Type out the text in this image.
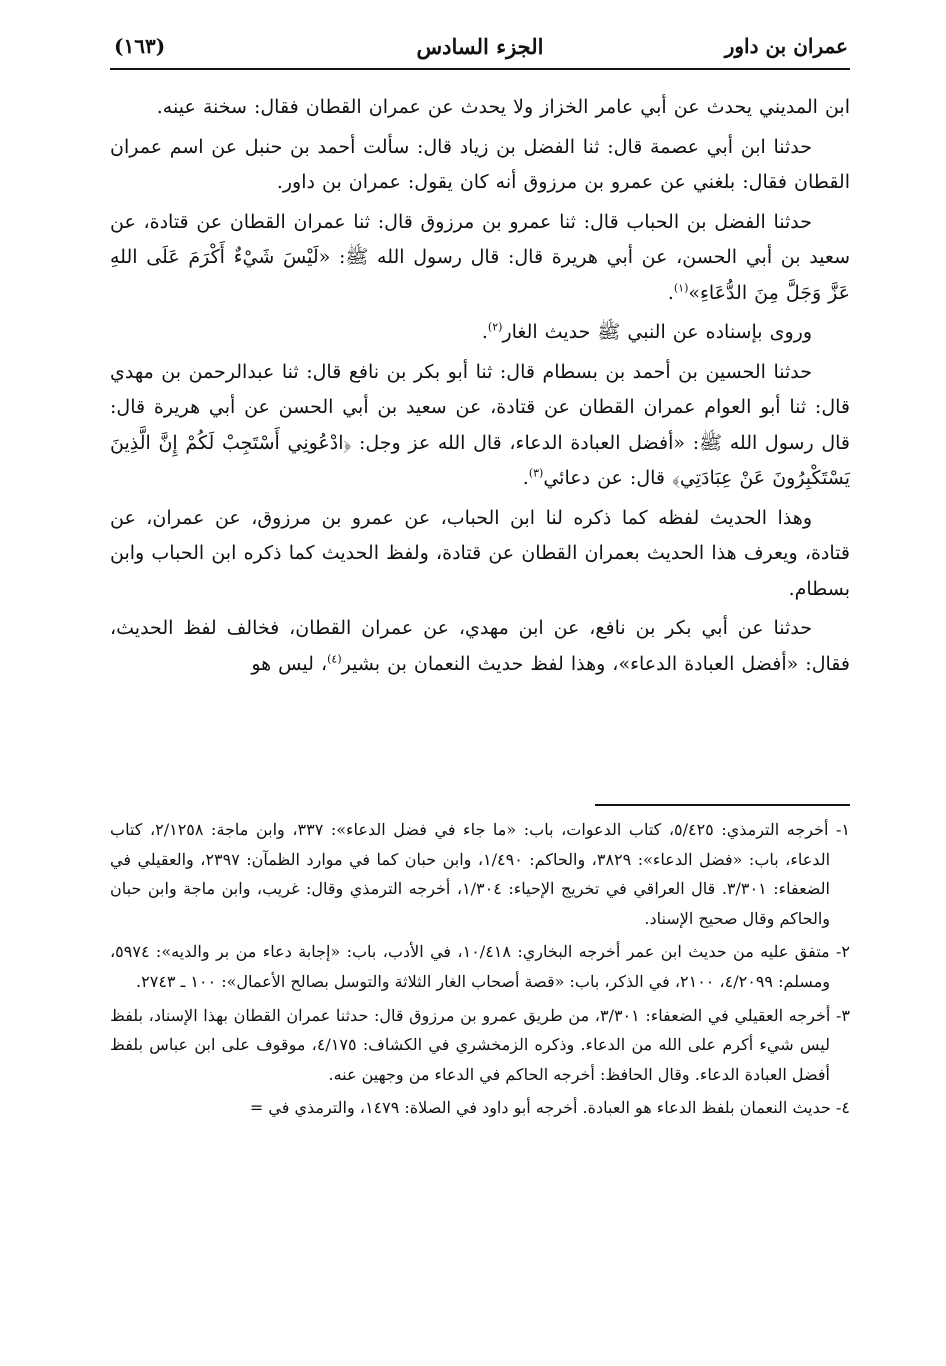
عمران بن داور
الجزء السادس
(١٦٣)

ابن المديني يحدث عن أبي عامر الخزاز ولا يحدث عن عمران القطان فقال: سخنة عينه.

حدثنا ابن أبي عصمة قال: ثنا الفضل بن زياد قال: سألت أحمد بن حنبل عن اسم عمران القطان فقال: بلغني عن عمرو بن مرزوق أنه كان يقول: عمران بن داور.

حدثنا الفضل بن الحباب قال: ثنا عمرو بن مرزوق قال: ثنا عمران القطان عن قتادة، عن سعيد بن أبي الحسن، عن أبي هريرة قال: قال رسول الله ﷺ: «لَيْسَ شَيْءٌ أَكْرَمَ عَلَى اللهِ عَزَّ وَجَلَّ مِنَ الدُّعَاءِ»$^{(١)}$.

وروى بإسناده عن النبي ﷺ حديث الغار$^{(٢)}$.

حدثنا الحسين بن أحمد بن بسطام قال: ثنا أبو بكر بن نافع قال: ثنا عبدالرحمن بن مهدي قال: ثنا أبو العوام عمران القطان عن قتادة، عن سعيد بن أبي الحسن عن أبي هريرة قال: قال رسول الله ﷺ: «أفضل العبادة الدعاء، قال الله عز وجل: ﴿ادْعُونِي أَسْتَجِبْ لَكُمْ إِنَّ الَّذِينَ يَسْتَكْبِرُونَ عَنْ عِبَادَتِي﴾ قال: عن دعائي$^{(٣)}$.

وهذا الحديث لفظه كما ذكره لنا ابن الحباب، عن عمرو بن مرزوق، عن عمران، عن قتادة، ويعرف هذا الحديث بعمران القطان عن قتادة، ولفظ الحديث كما ذكره ابن الحباب وابن بسطام.

حدثنا عن أبي بكر بن نافع، عن ابن مهدي، عن عمران القطان، فخالف لفظ الحديث، فقال: «أفضل العبادة الدعاء»، وهذا لفظ حديث النعمان بن بشير$^{(٤)}$، ليس هو

١- أخرجه الترمذي: ٥/٤٢٥، كتاب الدعوات، باب: «ما جاء في فضل الدعاء»: ٣٣٧، وابن ماجة: ٢/١٢٥٨، كتاب الدعاء، باب: «فضل الدعاء»: ٣٨٢٩، والحاكم: ١/٤٩٠، وابن حبان كما في موارد الظمآن: ٢٣٩٧، والعقيلي في الضعفاء: ٣/٣٠١. قال العراقي في تخريج الإحياء: ١/٣٠٤، أخرجه الترمذي وقال: غريب، وابن ماجة وابن حبان والحاكم وقال صحيح الإسناد.

٢- متفق عليه من حديث ابن عمر أخرجه البخاري: ١٠/٤١٨، في الأدب، باب: «إجابة دعاء من بر والديه»: ٥٩٧٤، ومسلم: ٤/٢٠٩٩، ٢١٠٠، في الذكر، باب: «قصة أصحاب الغار الثلاثة والتوسل بصالح الأعمال»: ١٠٠ ـ ٢٧٤٣.

٣- أخرجه العقيلي في الضعفاء: ٣/٣٠١، من طريق عمرو بن مرزوق قال: حدثنا عمران القطان بهذا الإسناد، بلفظ ليس شيء أكرم على الله من الدعاء. وذكره الزمخشري في الكشاف: ٤/١٧٥، موقوف على ابن عباس بلفظ أفضل العبادة الدعاء. وقال الحافظ: أخرجه الحاكم في الدعاء من وجهين عنه.

٤- حديث النعمان بلفظ الدعاء هو العبادة. أخرجه أبو داود في الصلاة: ١٤٧٩، والترمذي في =
